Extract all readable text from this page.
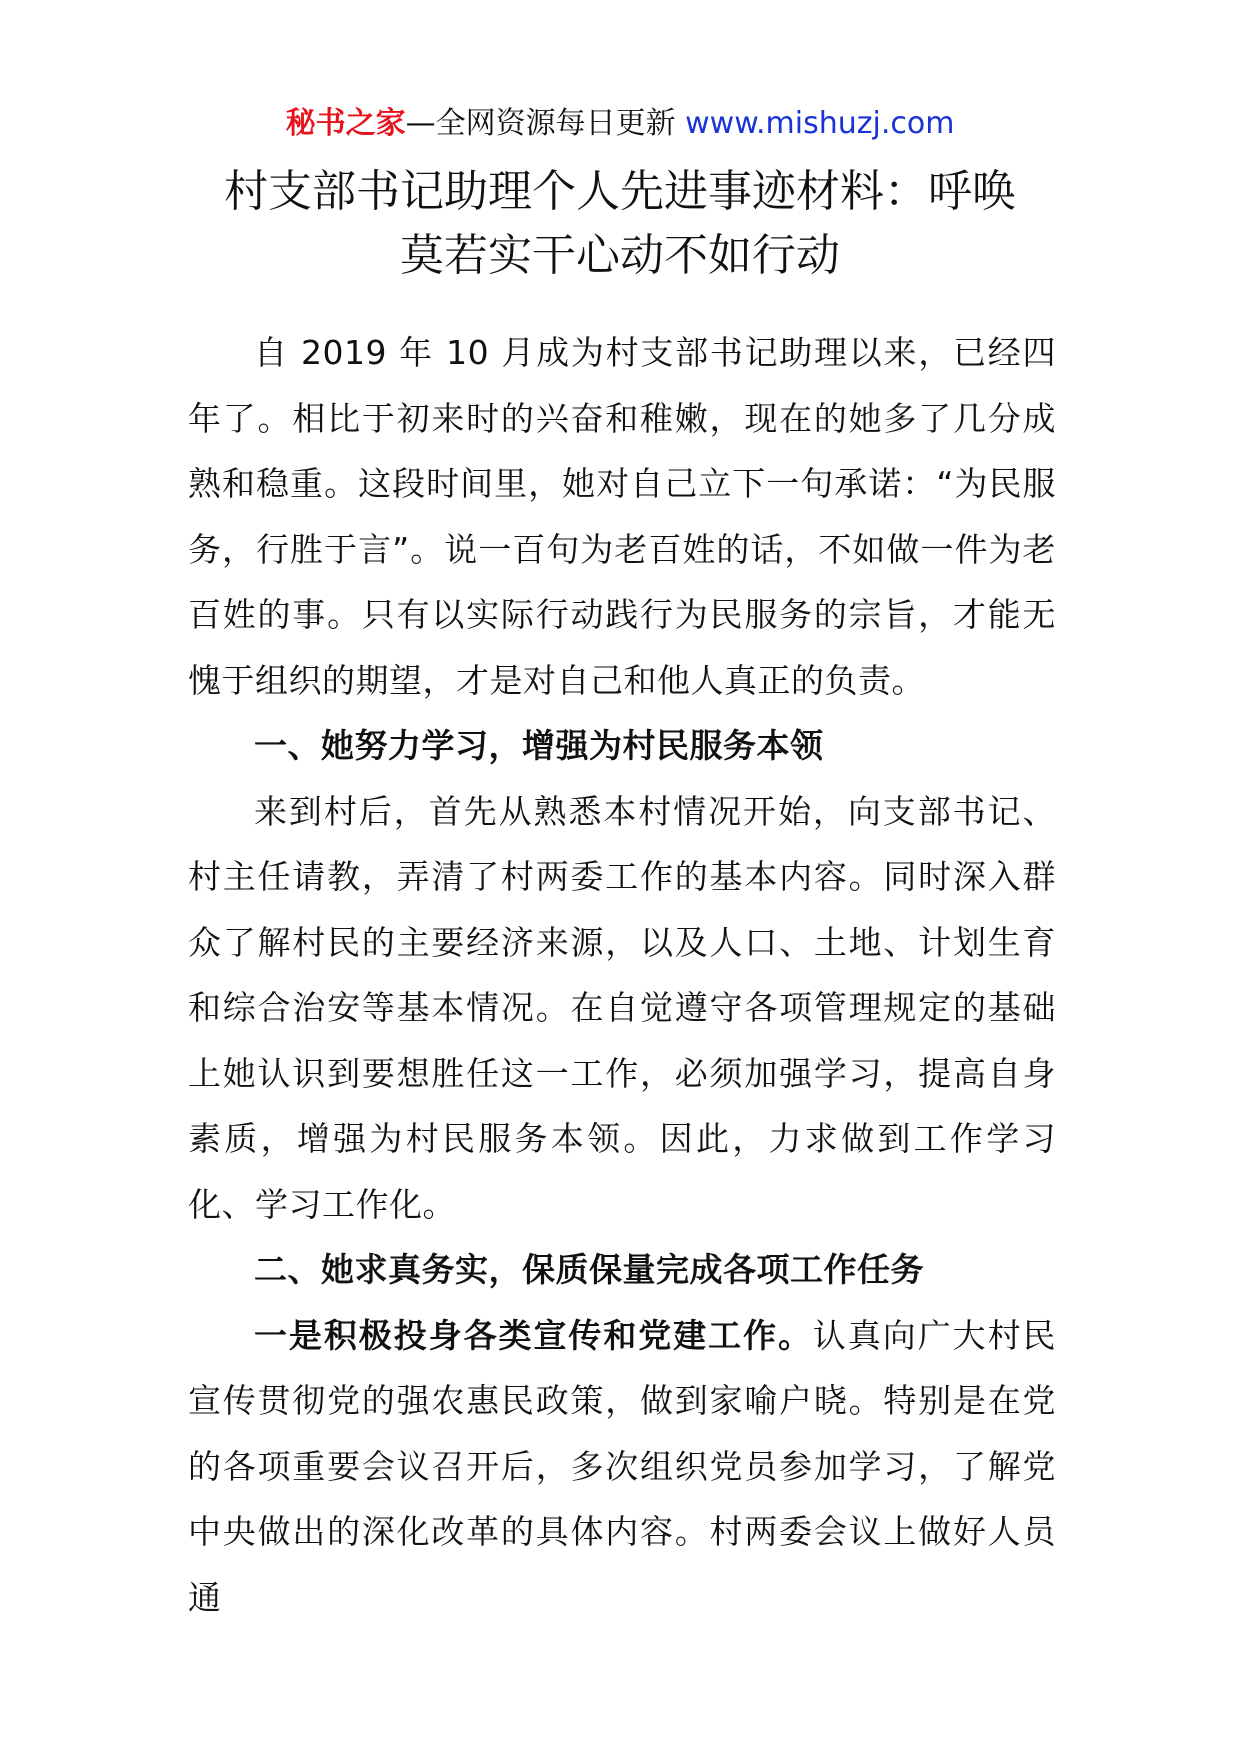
秘书之家—全网资源每日更新 www.mishuzj.com
村支部书记助理个人先进事迹材料：呼唤
莫若实干心动不如行动

自 2019 年 10 月成为村支部书记助理以来，已经四年了。相比于初来时的兴奋和稚嫩，现在的她多了几分成熟和稳重。这段时间里，她对自己立下一句承诺：“为民服务，行胜于言”。说一百句为老百姓的话，不如做一件为老百姓的事。只有以实际行动践行为民服务的宗旨，才能无愧于组织的期望，才是对自己和他人真正的负责。

一、她努力学习，增强为村民服务本领

来到村后，首先从熟悉本村情况开始，向支部书记、村主任请教，弄清了村两委工作的基本内容。同时深入群众了解村民的主要经济来源，以及人口、土地、计划生育和综合治安等基本情况。在自觉遵守各项管理规定的基础上她认识到要想胜任这一工作，必须加强学习，提高自身素质，增强为村民服务本领。因此，力求做到工作学习化、学习工作化。

二、她求真务实，保质保量完成各项工作任务

一是积极投身各类宣传和党建工作。认真向广大村民宣传贯彻党的强农惠民政策，做到家喻户晓。特别是在党的各项重要会议召开后，多次组织党员参加学习，了解党中央做出的深化改革的具体内容。村两委会议上做好人员通
